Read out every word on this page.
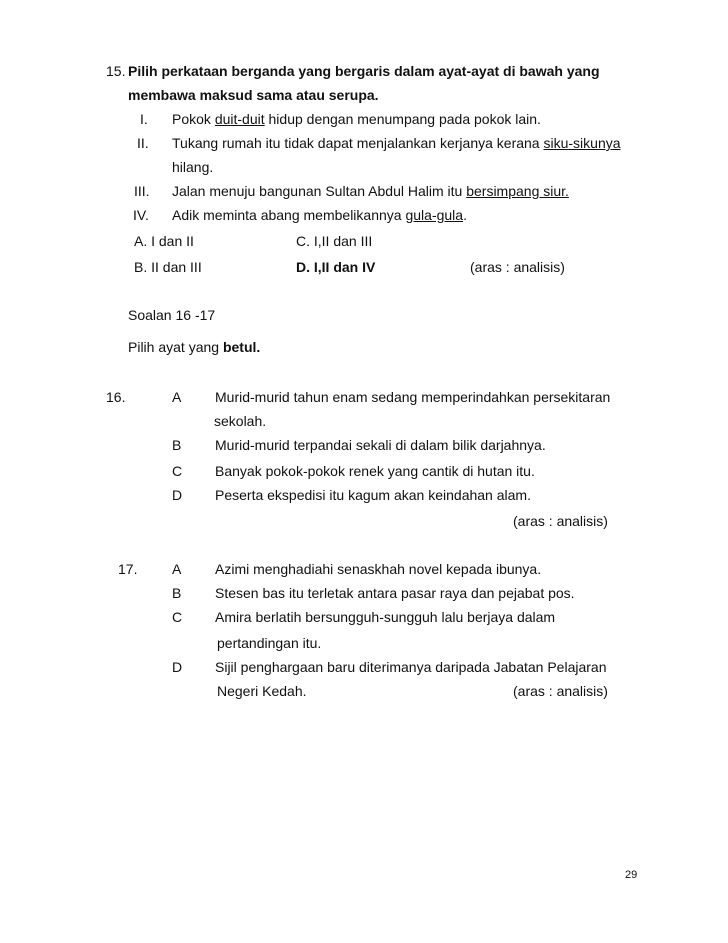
15. Pilih perkataan berganda yang bergaris dalam ayat-ayat di bawah yang
membawa maksud sama atau serupa.
I. Pokok duit-duit hidup dengan menumpang pada pokok lain.
II. Tukang rumah itu tidak dapat menjalankan kerjanya kerana siku-sikunya
hilang.
III. Jalan menuju bangunan Sultan Abdul Halim itu bersimpang siur.
IV. Adik meminta abang membelikannya gula-gula.
A. I dan II	C. I,II dan III
B. II dan III	D. I,II dan IV	(aras : analisis)
Soalan 16 -17
Pilih ayat yang betul.
16.	A Murid-murid tahun enam sedang memperindahkan persekitaran
sekolah.
B Murid-murid terpandai sekali di dalam bilik darjahnya.
C Banyak pokok-pokok renek yang cantik di hutan itu.
D Peserta ekspedisi itu kagum akan keindahan alam.
(aras : analisis)
17. A Azimi menghadiahi senaskhah novel kepada ibunya.
B Stesen bas itu terletak antara pasar raya dan pejabat pos.
C Amira berlatih bersungguh-sungguh lalu berjaya dalam
pertandingan itu.
D Sijil penghargaan baru diterimanya daripada Jabatan Pelajaran
Negeri Kedah.	(aras : analisis)
29
